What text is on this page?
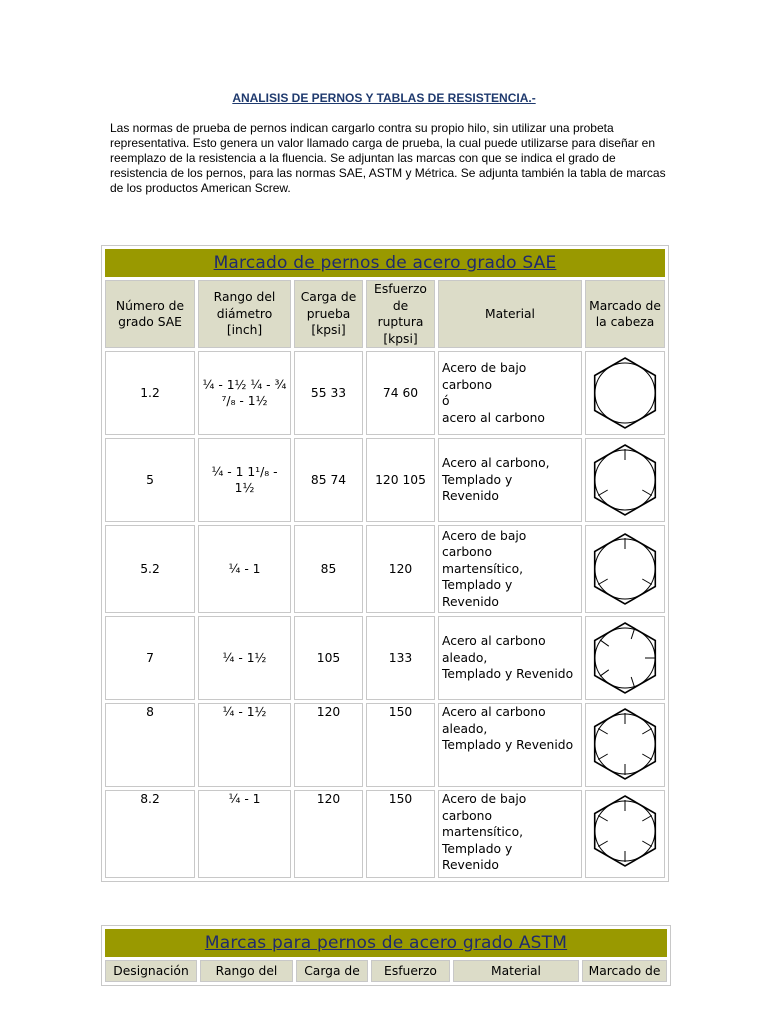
ANALISIS DE PERNOS Y TABLAS DE RESISTENCIA.-
Las normas de prueba de pernos indican cargarlo contra su propio hilo, sin utilizar una probeta representativa. Esto genera un valor llamado carga de prueba, la cual puede utilizarse para diseñar en reemplazo de la resistencia a la fluencia. Se adjuntan las marcas con que se indica el grado de resistencia de los pernos, para las normas SAE, ASTM y Métrica. Se adjunta también la tabla de marcas de los productos American Screw.
Marcado de pernos de acero grado SAE					
Número de grado SAE	Rango del diámetro [inch]	Carga de prueba [kpsi]	Esfuerzo de ruptura [kpsi]	Material	Marcado de la cabeza
1.2	¼ - 1½ ¼ - ¾ ⁷/₈ - 1½	55 33	74 60	Acero de bajo carbono
ó
acero al carbono

5	¼ - 1 1¹/₈ - 1½	85 74	120 105	Acero al carbono,
Templado y
Revenido

5.2	¼ - 1	85	120	Acero de bajo
carbono
martensítico,
Templado y
Revenido

7	¼ - 1½	105	133	Acero al carbono
aleado,
Templado y Revenido

8	¼ - 1½	120	150	Acero al carbono
aleado,
Templado y Revenido

8.2	¼ - 1	120	150	Acero de bajo
carbono
martensítico,
Templado y
Revenido

Marcas para pernos de acero grado ASTM
Designación	Rango del	Carga de	Esfuerzo	Material	Marcado de
